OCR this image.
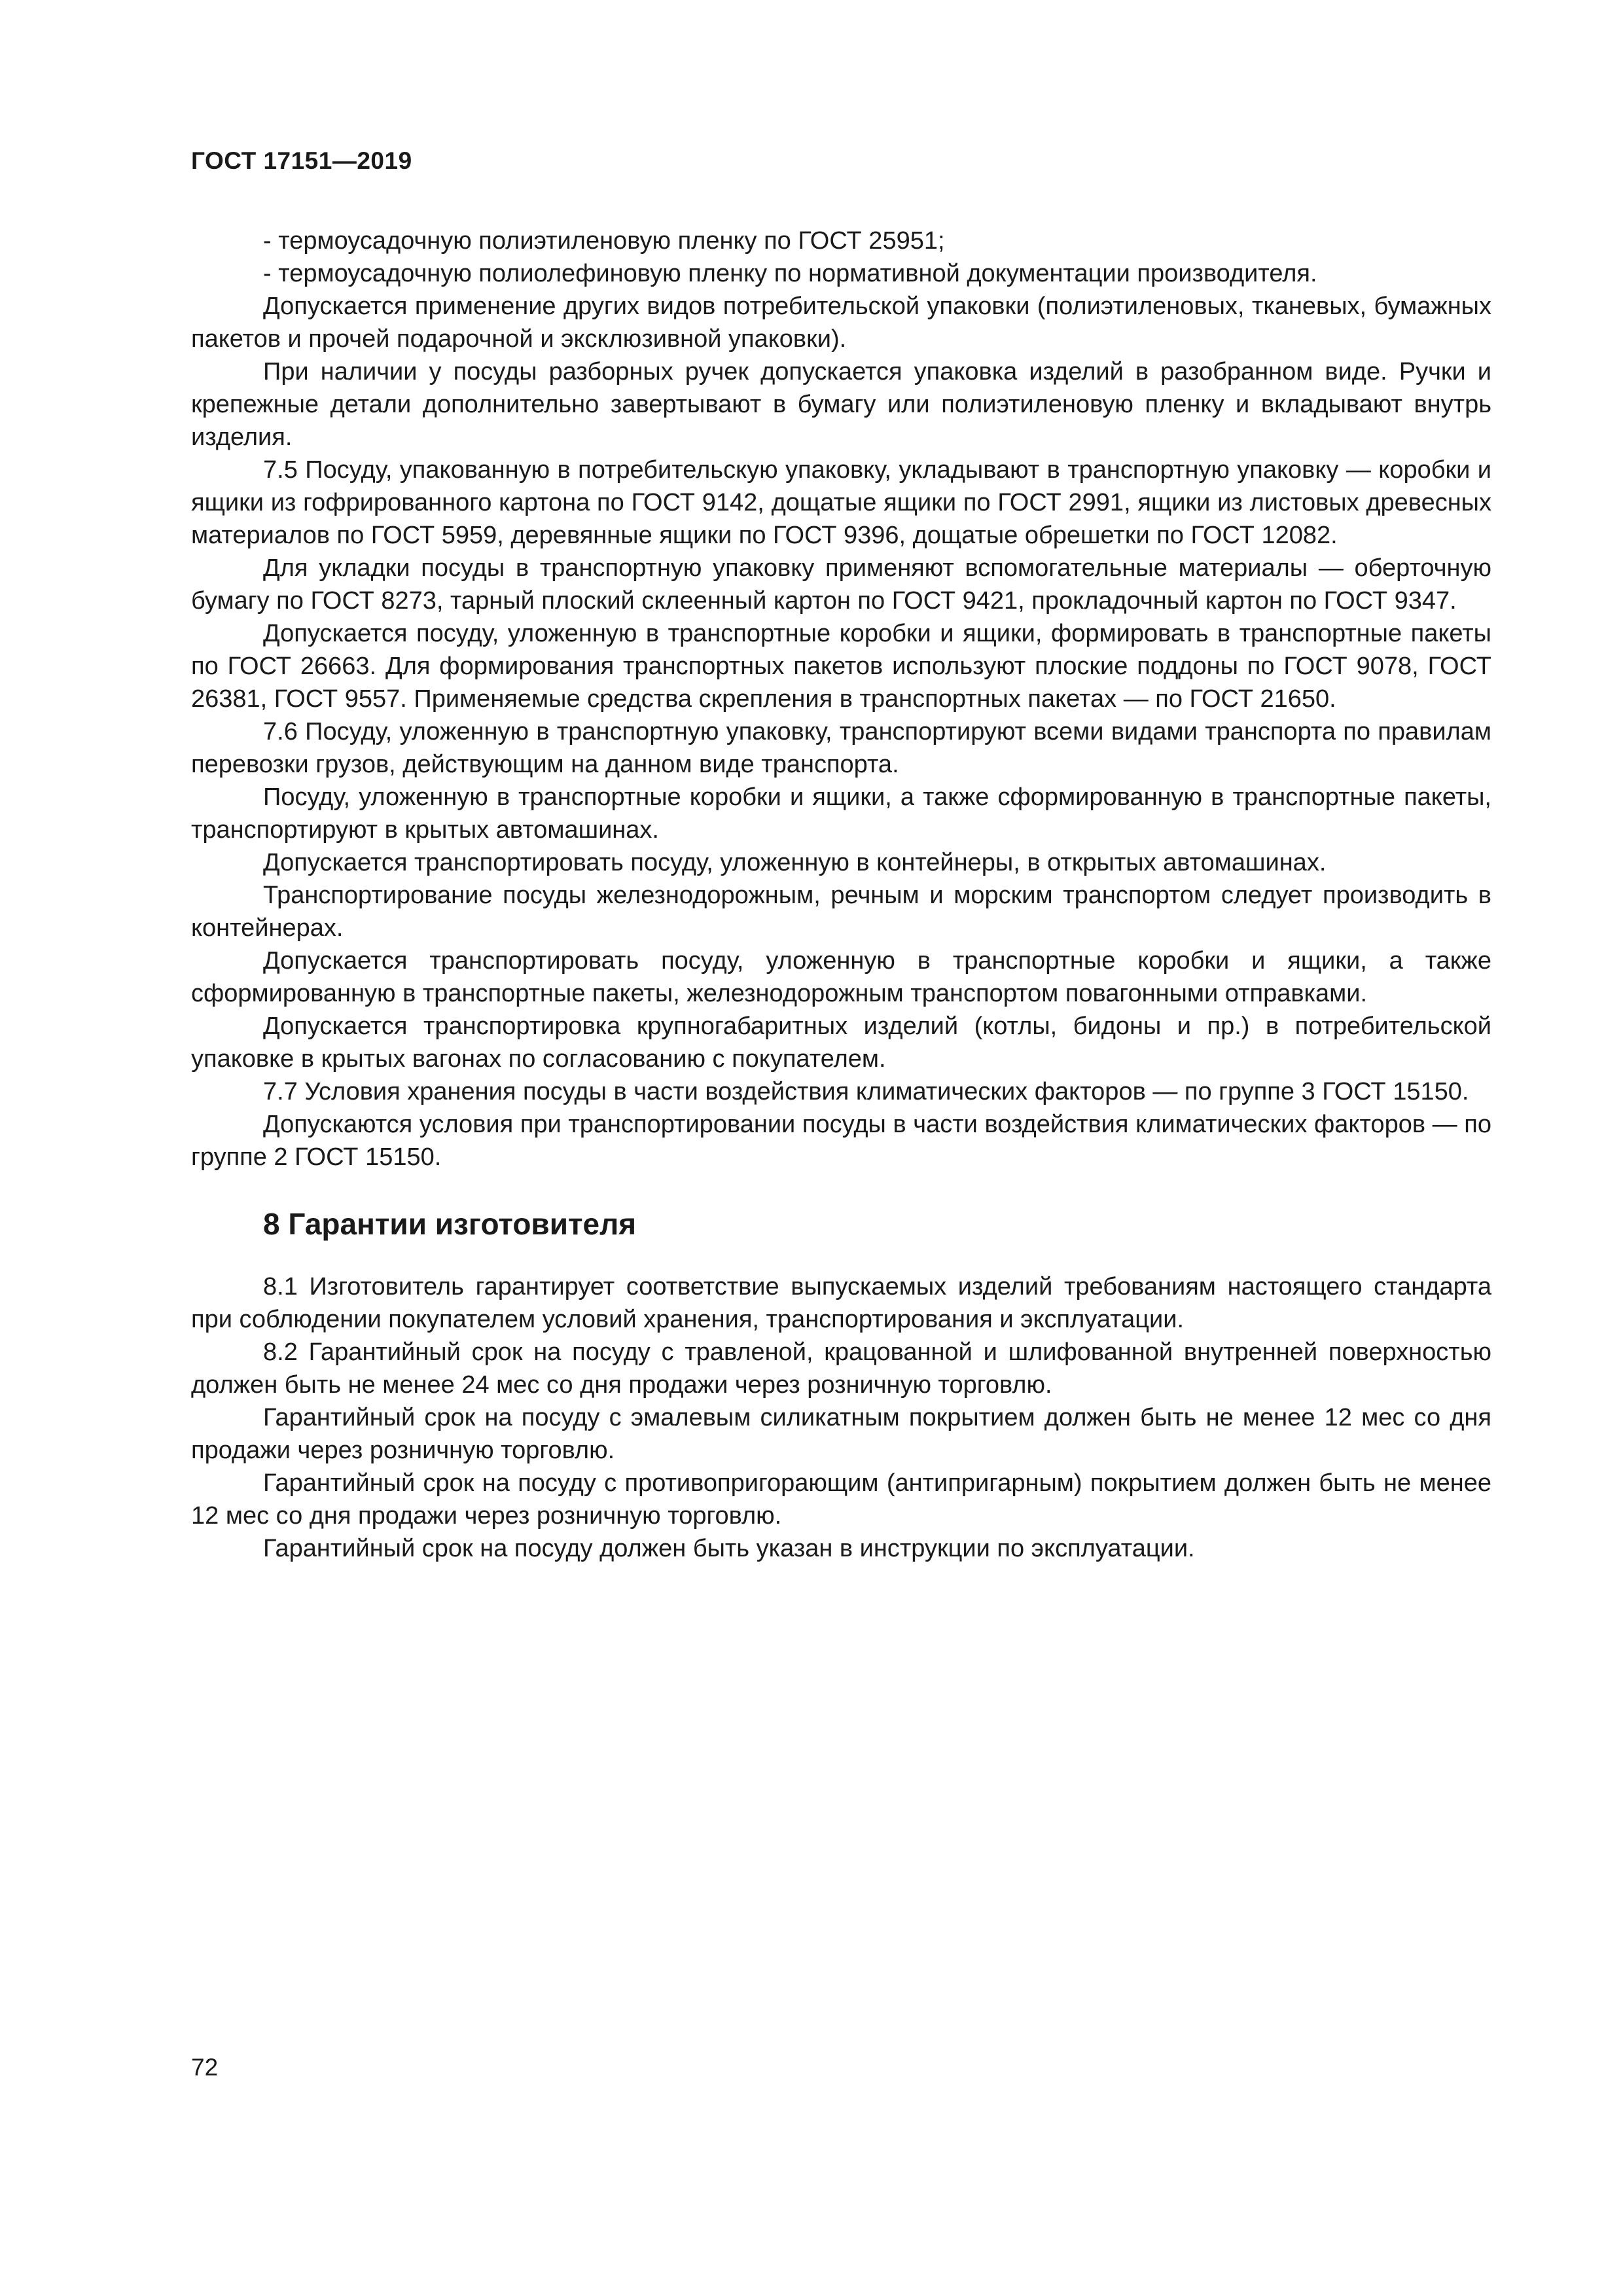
ГОСТ 17151—2019

- термоусадочную полиэтиленовую пленку по ГОСТ 25951;

- термоусадочную полиолефиновую пленку по нормативной документации производителя.

Допускается применение других видов потребительской упаковки (полиэтиленовых, тканевых, бумажных пакетов и прочей подарочной и эксклюзивной упаковки).

При наличии у посуды разборных ручек допускается упаковка изделий в разобранном виде. Ручки и крепежные детали дополнительно завертывают в бумагу или полиэтиленовую пленку и вкладывают внутрь изделия.

7.5 Посуду, упакованную в потребительскую упаковку, укладывают в транспортную упаковку — коробки и ящики из гофрированного картона по ГОСТ 9142, дощатые ящики по ГОСТ 2991, ящики из листовых древесных материалов по ГОСТ 5959, деревянные ящики по ГОСТ 9396, дощатые обрешетки по ГОСТ 12082.

Для укладки посуды в транспортную упаковку применяют вспомогательные материалы — оберточную бумагу по ГОСТ 8273, тарный плоский склеенный картон по ГОСТ 9421, прокладочный картон по ГОСТ 9347.

Допускается посуду, уложенную в транспортные коробки и ящики, формировать в транспортные пакеты по ГОСТ 26663. Для формирования транспортных пакетов используют плоские поддоны по ГОСТ 9078, ГОСТ 26381, ГОСТ 9557. Применяемые средства скрепления в транспортных пакетах — по ГОСТ 21650.

7.6 Посуду, уложенную в транспортную упаковку, транспортируют всеми видами транспорта по правилам перевозки грузов, действующим на данном виде транспорта.

Посуду, уложенную в транспортные коробки и ящики, а также сформированную в транспортные пакеты, транспортируют в крытых автомашинах.

Допускается транспортировать посуду, уложенную в контейнеры, в открытых автомашинах.

Транспортирование посуды железнодорожным, речным и морским транспортом следует производить в контейнерах.

Допускается транспортировать посуду, уложенную в транспортные коробки и ящики, а также сформированную в транспортные пакеты, железнодорожным транспортом повагонными отправками.

Допускается транспортировка крупногабаритных изделий (котлы, бидоны и пр.) в потребительской упаковке в крытых вагонах по согласованию с покупателем.

7.7 Условия хранения посуды в части воздействия климатических факторов — по группе 3 ГОСТ 15150.

Допускаются условия при транспортировании посуды в части воздействия климатических факторов — по группе 2 ГОСТ 15150.

8 Гарантии изготовителя

8.1 Изготовитель гарантирует соответствие выпускаемых изделий требованиям настоящего стандарта при соблюдении покупателем условий хранения, транспортирования и эксплуатации.

8.2 Гарантийный срок на посуду с травленой, крацованной и шлифованной внутренней поверхностью должен быть не менее 24 мес со дня продажи через розничную торговлю.

Гарантийный срок на посуду с эмалевым силикатным покрытием должен быть не менее 12 мес со дня продажи через розничную торговлю.

Гарантийный срок на посуду с противопригорающим (антипригарным) покрытием должен быть не менее 12 мес со дня продажи через розничную торговлю.

Гарантийный срок на посуду должен быть указан в инструкции по эксплуатации.

72
